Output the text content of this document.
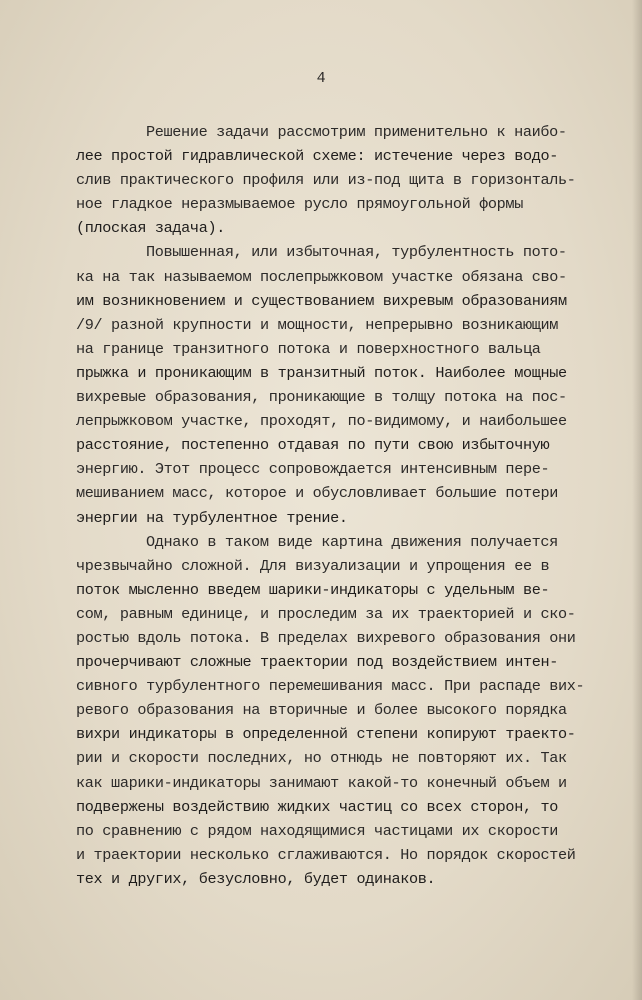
4
Решение задачи рассмотрим применительно к наибо-
лее простой гидравлической схеме: истечение через водо-
слив практического профиля или из-под щита в горизонталь-
ное гладкое неразмываемое русло прямоугольной формы
(плоская задача).
Повышенная, или избыточная, турбулентность пото-
ка на так называемом послепрыжковом участке обязана сво-
им возникновением и существованием вихревым образованиям
/9/ разной крупности и мощности, непрерывно возникающим
на границе транзитного потока и поверхностного вальца
прыжка и проникающим в транзитный поток. Наиболее мощные
вихревые образования, проникающие в толщу потока на пос-
лепрыжковом участке, проходят, по-видимому, и наибольшее
расстояние, постепенно отдавая по пути свою избыточную
энергию. Этот процесс сопровождается интенсивным пере-
мешиванием масс, которое и обусловливает большие потери
энергии на турбулентное трение.
Однако в таком виде картина движения получается
чрезвычайно сложной. Для визуализации и упрощения ее в
поток мысленно введем шарики-индикаторы с удельным ве-
сом, равным единице, и проследим за их траекторией и ско-
ростью вдоль потока. В пределах вихревого образования они
прочерчивают сложные траектории под воздействием интен-
сивного турбулентного перемешивания масс. При распаде вих-
ревого образования на вторичные и более высокого порядка
вихри индикаторы в определенной степени копируют траекто-
рии и скорости последних, но отнюдь не повторяют их. Так
как шарики-индикаторы занимают какой-то конечный объем и
подвержены воздействию жидких частиц со всех сторон, то
по сравнению с рядом находящимися частицами их скорости
и траектории несколько сглаживаются. Но порядок скоростей
тех и других, безусловно, будет одинаков.
